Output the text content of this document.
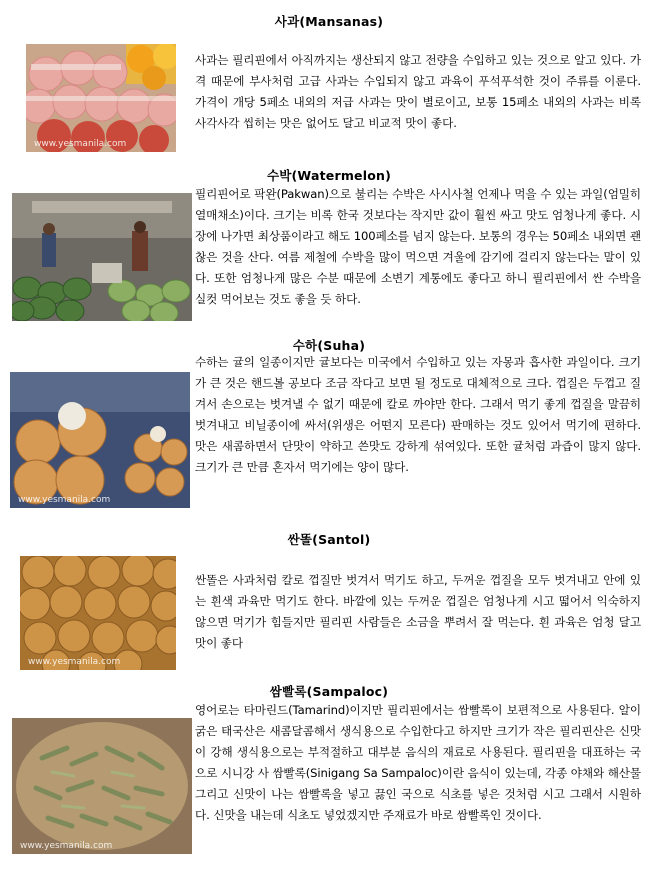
사과(Mansanas)
www.yesmanila.com
사과는 필리핀에서 아직까지는 생산되지 않고 전량을 수입하고 있는 것으로 알고 있다. 가격 때문에 부사처럼 고급 사과는 수입되지 않고 과육이 푸석푸석한 것이 주류를 이룬다. 가격이 개당 5페소 내외의 저급 사과는 맛이 별로이고, 보통 15페소 내외의 사과는 비록 사각사각 씹히는 맛은 없어도 달고 비교적 맛이 좋다.
수박(Watermelon)
필리핀어로 팍완(Pakwan)으로 불리는 수박은 사시사철 언제나 먹을 수 있는 과일(엄밀히 열매채소)이다. 크기는 비록 한국 것보다는 작지만 값이 훨씬 싸고 맛도 엄청나게 좋다. 시장에 나가면 최상품이라고 해도 100페소를 넘지 않는다. 보통의 경우는 50페소 내외면 괜찮은 것을 산다. 여름 제철에 수박을 많이 먹으면 겨울에 감기에 걸리지 않는다는 말이 있다. 또한 엄청나게 많은 수분 때문에 소변기 계통에도 좋다고 하니 필리핀에서 싼 수박을 실컷 먹어보는 것도 좋을 듯 하다.
수하(Suha)
www.yesmanila.com
수하는 귤의 일종이지만 귤보다는 미국에서 수입하고 있는 자몽과 흡사한 과일이다. 크기가 큰 것은 핸드볼 공보다 조금 작다고 보면 될 정도로 대체적으로 크다. 껍질은 두껍고 질겨서 손으로는 벗겨낼 수 없기 때문에 칼로 까야만 한다. 그래서 먹기 좋게 껍질을 말끔히 벗겨내고 비닐종이에 싸서(위생은 어떤지 모른다) 판매하는 것도 있어서 먹기에 편하다. 맛은 새콤하면서 단맛이 약하고 쓴맛도 강하게 섞여있다. 또한 귤처럼 과즙이 많지 않다. 크기가 큰 만큼 혼자서 먹기에는 양이 많다.
싼똘(Santol)
www.yesmanila.com
싼똘은 사과처럼 칼로 껍질만 벗겨서 먹기도 하고, 두꺼운 껍질을 모두 벗겨내고 안에 있는 흰색 과육만 먹기도 한다. 바깥에 있는 두꺼운 껍질은 엄청나게 시고 떫어서 익숙하지 않으면 먹기가 힘들지만 필리핀 사람들은 소금을 뿌려서 잘 먹는다. 흰 과육은 엄청 달고 맛이 좋다
쌈빨록(Sampaloc)
www.yesmanila.com
영어로는 타마린드(Tamarind)이지만 필리핀에서는 쌈빨록이 보편적으로 사용된다. 알이 굵은 태국산은 새콤달콤해서 생식용으로 수입한다고 하지만 크기가 작은 필리핀산은 신맛이 강해 생식용으로는 부적절하고 대부분 음식의 재료로 사용된다. 필리핀을 대표하는 국으로 시니강 사 쌈빨록(Sinigang Sa Sampaloc)이란 음식이 있는데, 각종 야채와 해산물 그리고 신맛이 나는 쌈빨록을 넣고 끓인 국으로 식초를 넣은 것처럼 시고 그래서 시원하다. 신맛을 내는데 식초도 넣었겠지만 주재료가 바로 쌈빨록인 것이다.
